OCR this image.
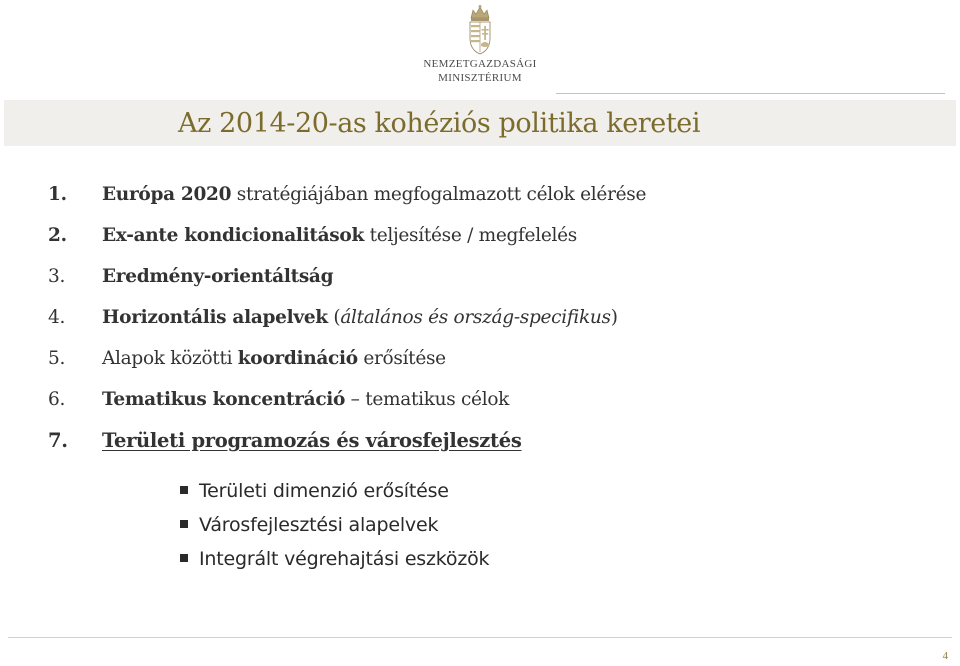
NEMZETGAZDASÁGI
MINISZTÉRIUM
Az 2014-20-as kohéziós politika keretei
1. Európa 2020 stratégiájában megfogalmazott célok elérése
2. Ex-ante kondicionalitások teljesítése / megfelelés
3. Eredmény-orientáltság
4. Horizontális alapelvek (általános és ország-specifikus)
5. Alapok közötti koordináció erősítése
6. Tematikus koncentráció – tematikus célok
7. Területi programozás és városfejlesztés
Területi dimenzió erősítése
Városfejlesztési alapelvek
Integrált végrehajtási eszközök
4
